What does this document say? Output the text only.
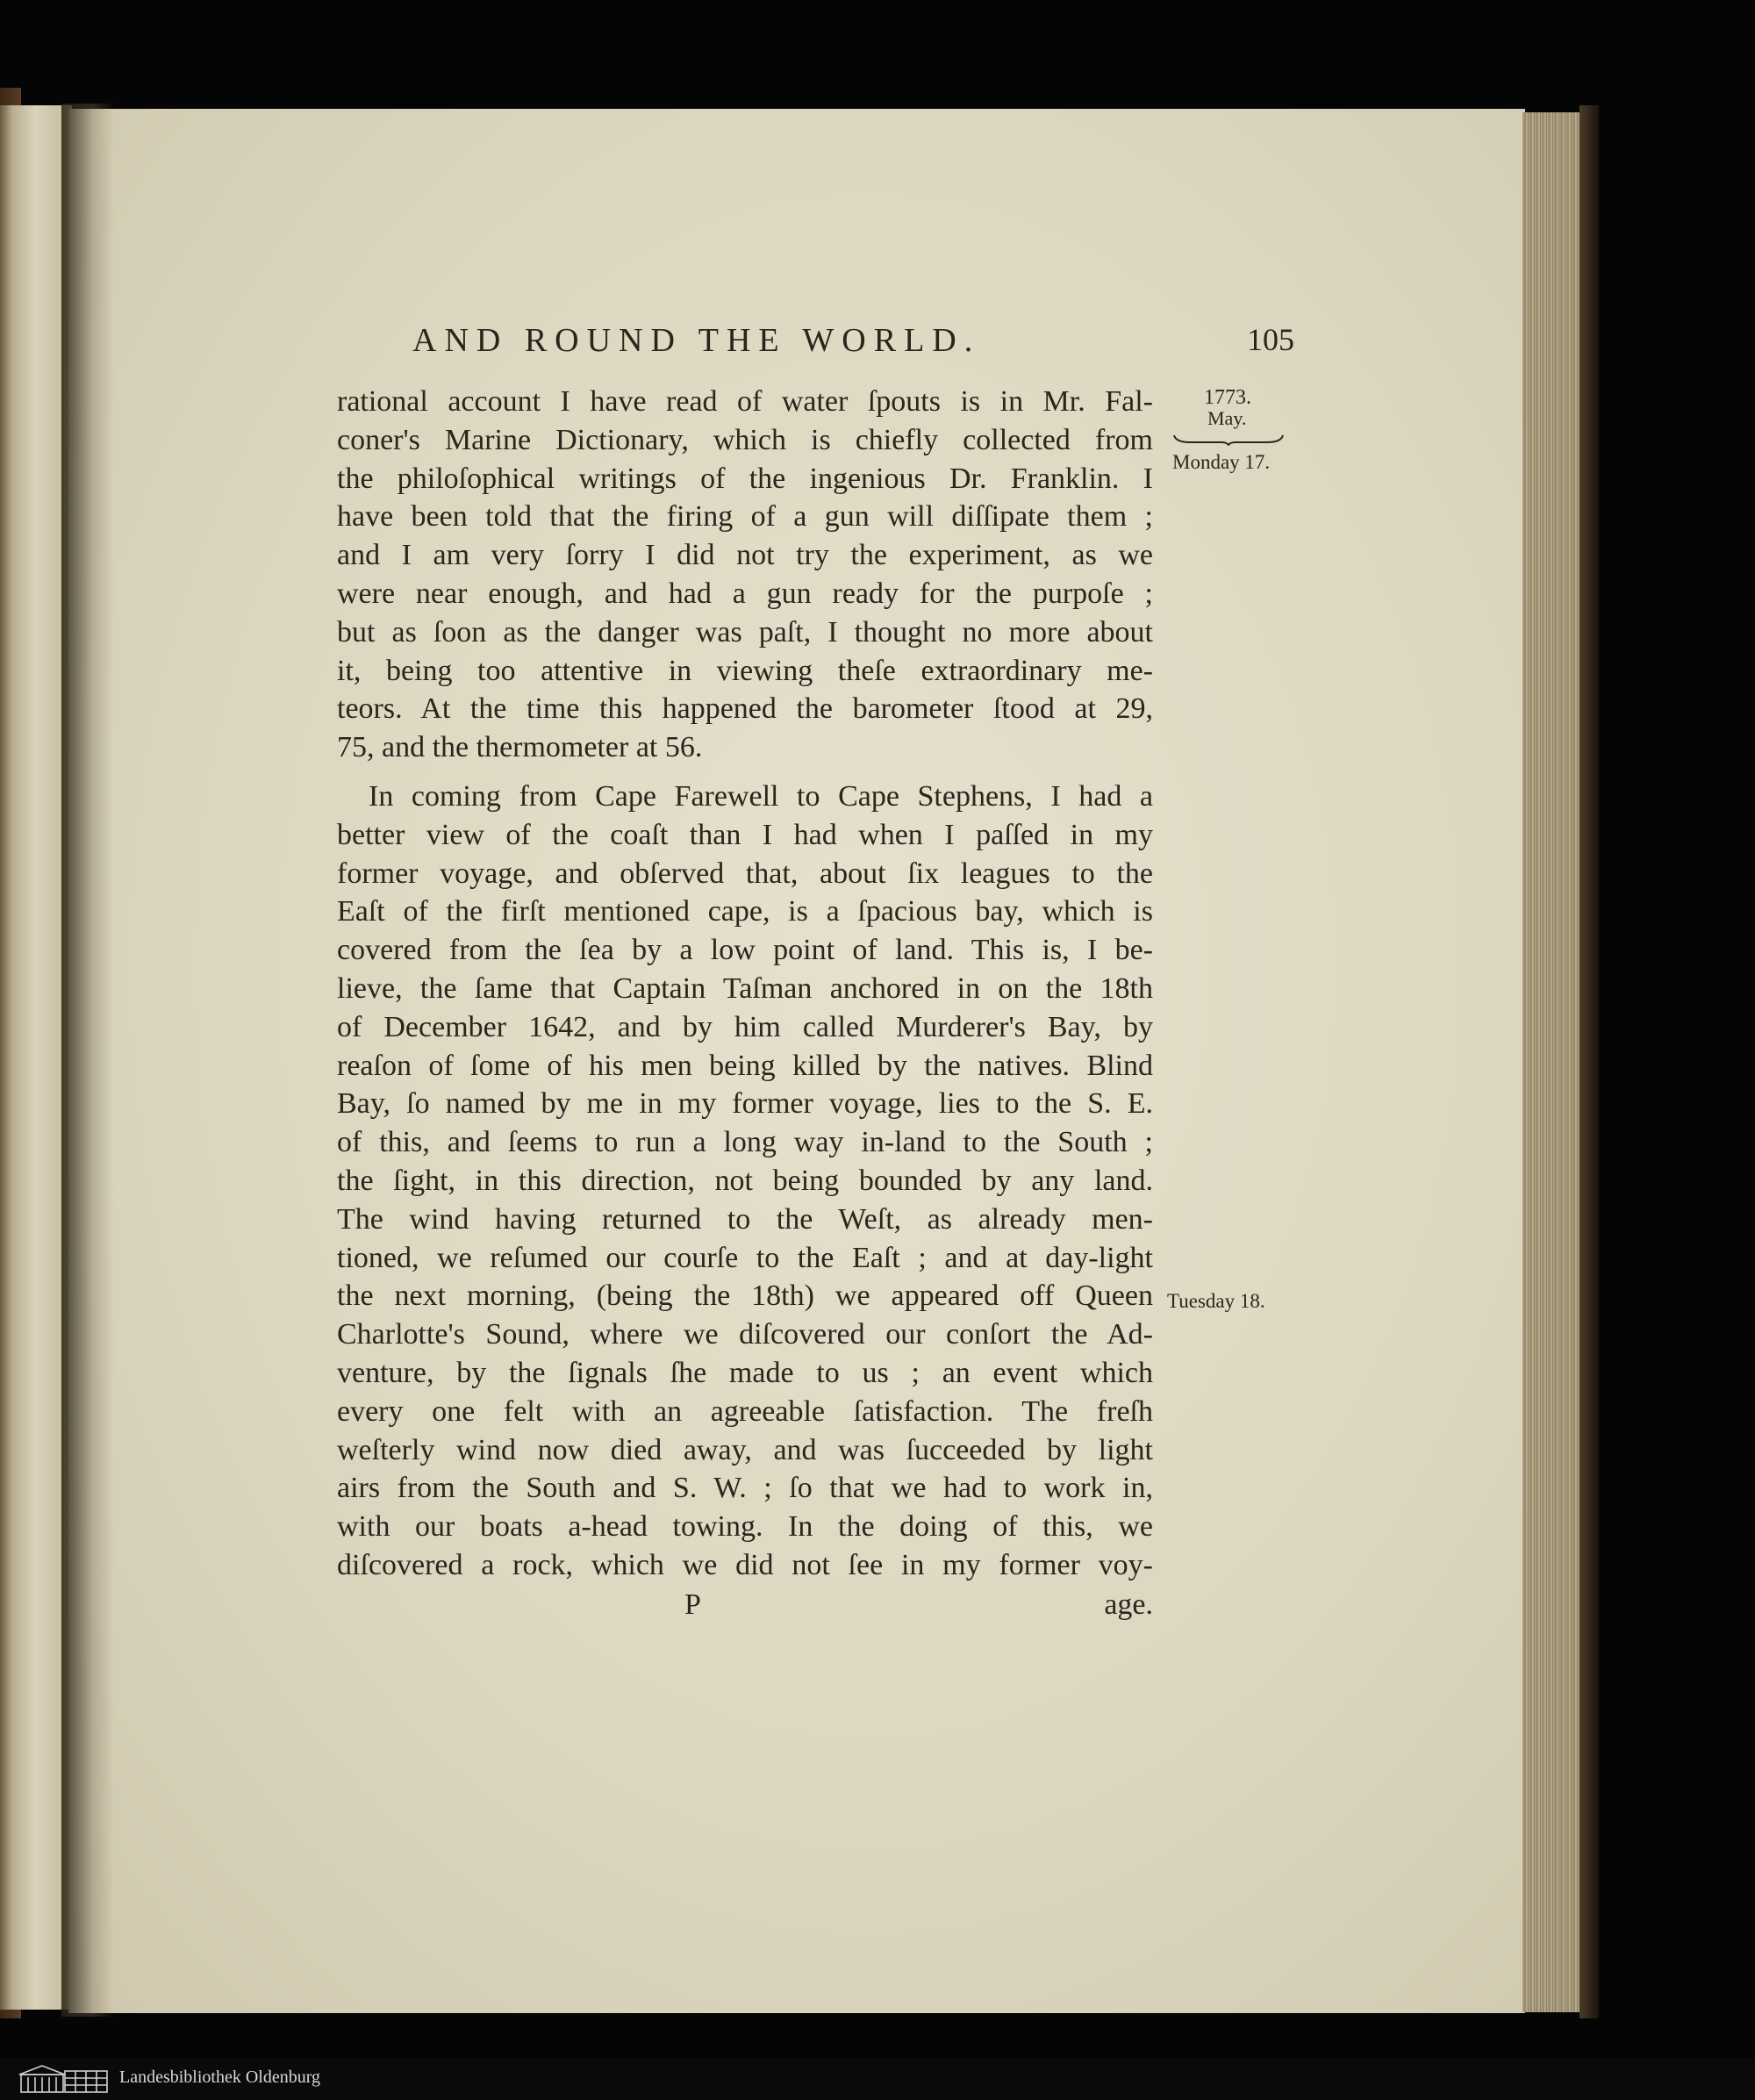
AND ROUND THE WORLD.	105
1773.
May.
Monday 17.
Tuesday 18.
rational account I have read of water ſpouts is in Mr. Fal-
coner's Marine Dictionary, which is chiefly collected from
the philoſophical writings of the ingenious Dr. Franklin. I
have been told that the firing of a gun will diſſipate them ;
and I am very ſorry I did not try the experiment, as we
were near enough, and had a gun ready for the purpoſe ;
but as ſoon as the danger was paſt, I thought no more about
it, being too attentive in viewing theſe extraordinary me-
teors. At the time this happened the barometer ſtood at 29,
75, and the thermometer at 56.
In coming from Cape Farewell to Cape Stephens, I had a
better view of the coaſt than I had when I paſſed in my
former voyage, and obſerved that, about ſix leagues to the
Eaſt of the firſt mentioned cape, is a ſpacious bay, which is
covered from the ſea by a low point of land. This is, I be-
lieve, the ſame that Captain Taſman anchored in on the 18th
of December 1642, and by him called Murderer's Bay, by
reaſon of ſome of his men being killed by the natives. Blind
Bay, ſo named by me in my former voyage, lies to the S. E.
of this, and ſeems to run a long way in-land to the South ;
the ſight, in this direction, not being bounded by any land.
The wind having returned to the Weſt, as already men-
tioned, we reſumed our courſe to the Eaſt ; and at day-light
the next morning, (being the 18th) we appeared off Queen
Charlotte's Sound, where we diſcovered our conſort the Ad-
venture, by the ſignals ſhe made to us ; an event which
every one felt with an agreeable ſatisfaction. The freſh
weſterly wind now died away, and was ſucceeded by light
airs from the South and S. W. ; ſo that we had to work in,
with our boats a-head towing. In the doing of this, we
diſcovered a rock, which we did not ſee in my former voy-
P	age.
Landesbibliothek Oldenburg
